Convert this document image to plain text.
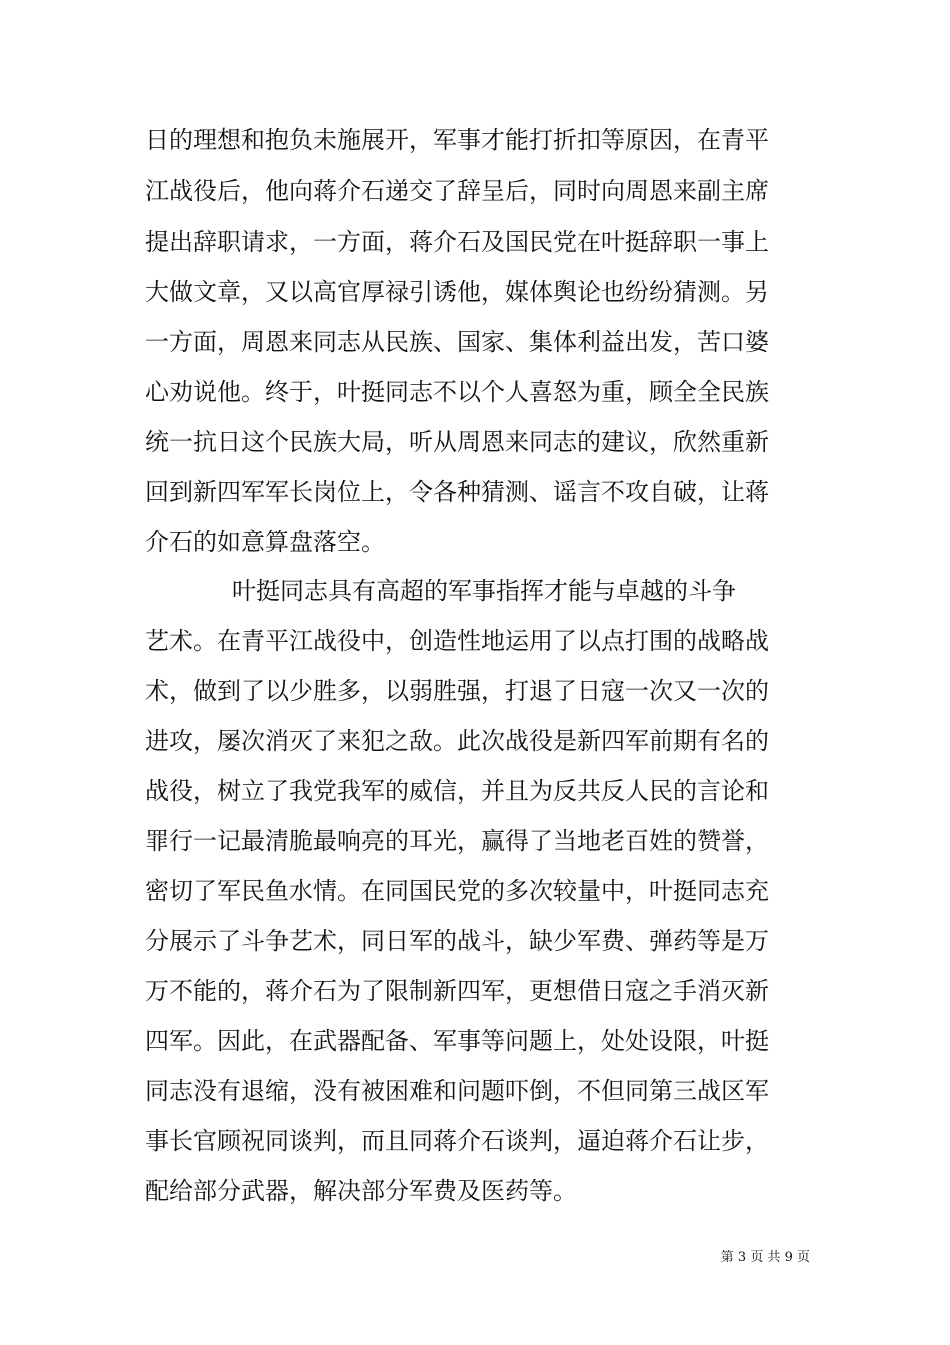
日的理想和抱负未施展开，军事才能打折扣等原因，在青平
江战役后，他向蒋介石递交了辞呈后，同时向周恩来副主席
提出辞职请求，一方面，蒋介石及国民党在叶挺辞职一事上
大做文章，又以高官厚禄引诱他，媒体舆论也纷纷猜测。另
一方面，周恩来同志从民族、国家、集体利益出发，苦口婆
心劝说他。终于，叶挺同志不以个人喜怒为重，顾全全民族
统一抗日这个民族大局，听从周恩来同志的建议，欣然重新
回到新四军军长岗位上，令各种猜测、谣言不攻自破，让蒋
介石的如意算盘落空。
叶挺同志具有高超的军事指挥才能与卓越的斗争
艺术。在青平江战役中，创造性地运用了以点打围的战略战
术，做到了以少胜多，以弱胜强，打退了日寇一次又一次的
进攻，屡次消灭了来犯之敌。此次战役是新四军前期有名的
战役，树立了我党我军的威信，并且为反共反人民的言论和
罪行一记最清脆最响亮的耳光，赢得了当地老百姓的赞誉，
密切了军民鱼水情。在同国民党的多次较量中，叶挺同志充
分展示了斗争艺术，同日军的战斗，缺少军费、弹药等是万
万不能的，蒋介石为了限制新四军，更想借日寇之手消灭新
四军。因此，在武器配备、军事等问题上，处处设限，叶挺
同志没有退缩，没有被困难和问题吓倒，不但同第三战区军
事长官顾祝同谈判，而且同蒋介石谈判，逼迫蒋介石让步，
配给部分武器，解决部分军费及医药等。
第 3 页 共 9 页
